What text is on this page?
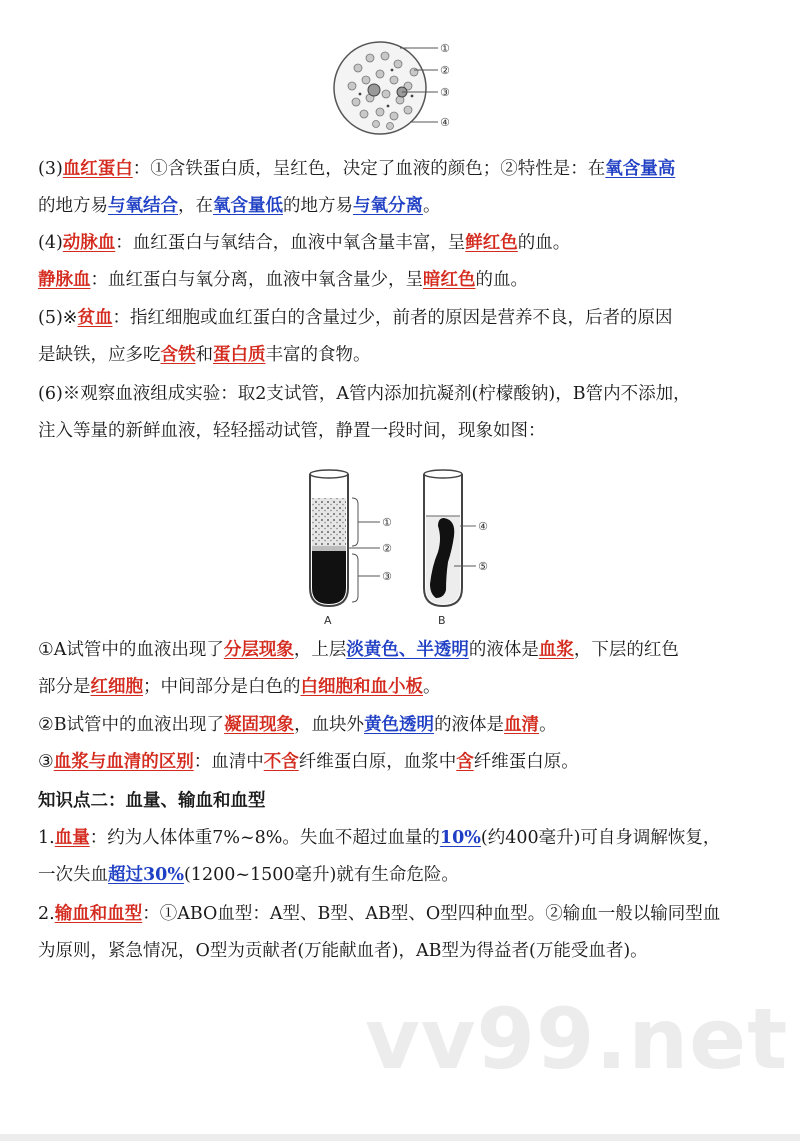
①
②
③
④
(3)血红蛋白：①含铁蛋白质，呈红色，决定了血液的颜色；②特性是：在氧含量高
的地方易与氧结合，在氧含量低的地方易与氧分离。
(4)动脉血：血红蛋白与氧结合，血液中氧含量丰富，呈鲜红色的血。
静脉血：血红蛋白与氧分离，血液中氧含量少，呈暗红色的血。
(5)※贫血：指红细胞或血红蛋白的含量过少，前者的原因是营养不良，后者的原因
是缺铁，应多吃含铁和蛋白质丰富的食物。
(6)※观察血液组成实验：取2支试管，A管内添加抗凝剂(柠檬酸钠)，B管内不添加，
注入等量的新鲜血液，轻轻摇动试管，静置一段时间，现象如图：
①
②
③
A
④
⑤
B
①A试管中的血液出现了分层现象，上层淡黄色、半透明的液体是血浆，下层的红色
部分是红细胞；中间部分是白色的白细胞和血小板。
②B试管中的血液出现了凝固现象，血块外黄色透明的液体是血清。
③血浆与血清的区别：血清中不含纤维蛋白原，血浆中含纤维蛋白原。
知识点二：血量、输血和血型
1.血量：约为人体体重7%~8%。失血不超过血量的10%(约400毫升)可自身调解恢复，
一次失血超过30%(1200~1500毫升)就有生命危险。
2.输血和血型：①ABO血型：A型、B型、AB型、O型四种血型。②输血一般以输同型血
为原则，紧急情况，O型为贡献者(万能献血者)，AB型为得益者(万能受血者)。
vv99.net
